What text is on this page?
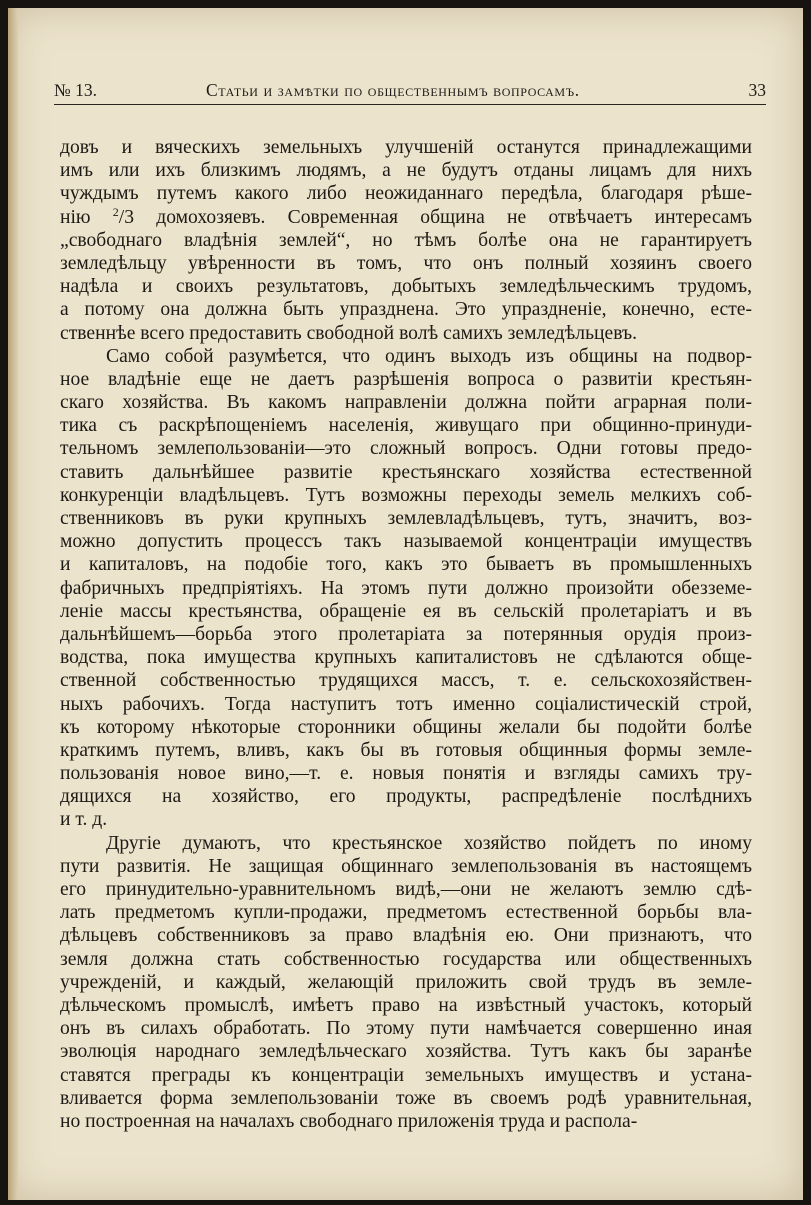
№ 13.	Статьи и замѣтки по общественнымъ вопросамъ.	33
довъ и вяческихъ земельныхъ улучшеній останутся принадлежащими
имъ или ихъ близкимъ людямъ, а не будутъ отданы лицамъ для нихъ
чуждымъ путемъ какого либо неожиданнаго передѣла, благодаря рѣше-
нію $^2$/3 домохозяевъ. Современная община не отвѣчаетъ интересамъ
„свободнаго владѣнія землей“, но тѣмъ болѣе она не гарантируетъ
земледѣльцу увѣренности въ томъ, что онъ полный хозяинъ своего
надѣла и своихъ результатовъ, добытыхъ земледѣльческимъ трудомъ,
а потому она должна быть упразднена. Это упраздненіе, конечно, есте-
ственнѣе всего предоставить свободной волѣ самихъ земледѣльцевъ.
Само собой разумѣется, что одинъ выходъ изъ общины на подвор-
ное владѣніе еще не даетъ разрѣшенія вопроса о развитіи крестьян-
скаго хозяйства. Въ какомъ направленіи должна пойти аграрная поли-
тика съ раскрѣпощеніемъ населенія, живущаго при общинно-принуди-
тельномъ землепользованіи—это сложный вопросъ. Одни готовы предо-
ставить дальнѣйшее развитіе крестьянскаго хозяйства естественной
конкуренціи владѣльцевъ. Тутъ возможны переходы земель мелкихъ соб-
ственниковъ въ руки крупныхъ землевладѣльцевъ, тутъ, значитъ, воз-
можно допустить процессъ такъ называемой концентраціи имуществъ
и капиталовъ, на подобіе того, какъ это бываетъ въ промышленныхъ
фабричныхъ предпріятіяхъ. На этомъ пути должно произойти обезземе-
леніе массы крестьянства, обращеніе ея въ сельскій пролетаріатъ и въ
дальнѣйшемъ—борьба этого пролетаріата за потерянныя орудія произ-
водства, пока имущества крупныхъ капиталистовъ не сдѣлаются обще-
ственной собственностью трудящихся массъ, т. е. сельскохозяйствен-
ныхъ рабочихъ. Тогда наступитъ тотъ именно соціалистическій строй,
къ которому нѣкоторые сторонники общины желали бы подойти болѣе
краткимъ путемъ, вливъ, какъ бы въ готовыя общинныя формы земле-
пользованія новое вино,—т. е. новыя понятія и взгляды самихъ тру-
дящихся на хозяйство, его продукты, распредѣленіе послѣднихъ
и т. д.
Другіе думаютъ, что крестьянское хозяйство пойдетъ по иному
пути развитія. Не защищая общиннаго землепользованія въ настоящемъ
его принудительно-уравнительномъ видѣ,—они не желаютъ землю сдѣ-
лать предметомъ купли-продажи, предметомъ естественной борьбы вла-
дѣльцевъ собственниковъ за право владѣнія ею. Они признаютъ, что
земля должна стать собственностью государства или общественныхъ
учрежденій, и каждый, желающій приложить свой трудъ въ земле-
дѣльческомъ промыслѣ, имѣетъ право на извѣстный участокъ, который
онъ въ силахъ обработать. По этому пути намѣчается совершенно иная
эволюція народнаго земледѣльческаго хозяйства. Тутъ какъ бы заранѣе
ставятся преграды къ концентраціи земельныхъ имуществъ и устана-
вливается форма землепользованіи тоже въ своемъ родѣ уравнительная,
но построенная на началахъ свободнаго приложенія труда и распола-
